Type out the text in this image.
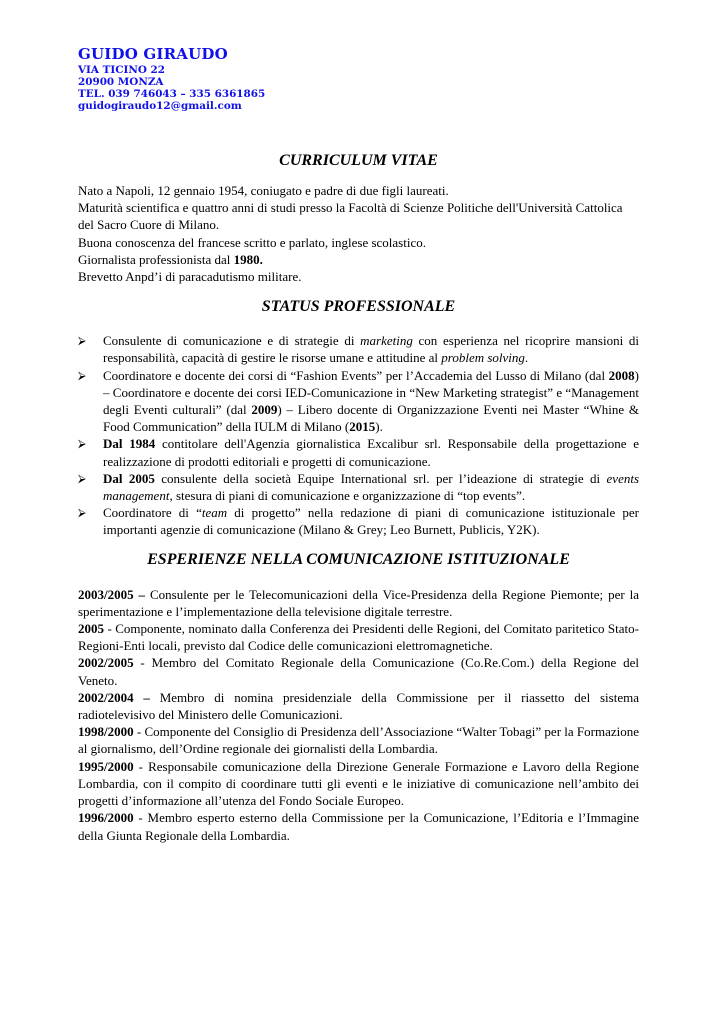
GUIDO GIRAUDO

VIA TICINO 22

20900 MONZA

TEL. 039 746043 – 335 6361865

guidogiraudo12@gmail.com

CURRICULUM VITAE

Nato a Napoli, 12 gennaio 1954, coniugato e padre di due figli laureati.

Maturità scientifica e quattro anni di studi presso la Facoltà di Scienze Politiche dell'Università Cattolica del Sacro Cuore di Milano.

Buona conoscenza del francese scritto e parlato, inglese scolastico.

Giornalista professionista dal 1980.

Brevetto Anpd’i di paracadutismo militare.

STATUS PROFESSIONALE
⮚ Consulente di comunicazione e di strategie di marketing con esperienza nel ricoprire mansioni di responsabilità, capacità di gestire le risorse umane e attitudine al problem solving.
⮚ Coordinatore e docente dei corsi di “Fashion Events” per l’Accademia del Lusso di Milano (dal 2008) – Coordinatore e docente dei corsi IED-Comunicazione in “New Marketing strategist” e “Management degli Eventi culturali” (dal 2009) – Libero docente di Organizzazione Eventi nei Master “Whine & Food Communication” della IULM di Milano (2015).
⮚ Dal 1984 contitolare dell'Agenzia giornalistica Excalibur srl. Responsabile della progettazione e realizzazione di prodotti editoriali e progetti di comunicazione.
⮚ Dal 2005 consulente della società Equipe International srl. per l’ideazione di strategie di events management, stesura di piani di comunicazione e organizzazione di “top events”.
⮚ Coordinatore di “team di progetto” nella redazione di piani di comunicazione istituzionale per importanti agenzie di comunicazione (Milano & Grey; Leo Burnett, Publicis, Y2K).
ESPERIENZE NELLA COMUNICAZIONE ISTITUZIONALE

2003/2005 – Consulente per le Telecomunicazioni della Vice-Presidenza della Regione Piemonte; per la sperimentazione e l’implementazione della televisione digitale terrestre.

2005 - Componente, nominato dalla Conferenza dei Presidenti delle Regioni, del Comitato paritetico Stato-Regioni-Enti locali, previsto dal Codice delle comunicazioni elettromagnetiche.

2002/2005 - Membro del Comitato Regionale della Comunicazione (Co.Re.Com.) della Regione del Veneto.

2002/2004 – Membro di nomina presidenziale della Commissione per il riassetto del sistema radiotelevisivo del Ministero delle Comunicazioni.

1998/2000 - Componente del Consiglio di Presidenza dell’Associazione “Walter Tobagi” per la Formazione al giornalismo, dell’Ordine regionale dei giornalisti della Lombardia.

1995/2000 - Responsabile comunicazione della Direzione Generale Formazione e Lavoro della Regione Lombardia, con il compito di coordinare tutti gli eventi e le iniziative di comunicazione nell’ambito dei progetti d’informazione all’utenza del Fondo Sociale Europeo.

1996/2000 - Membro esperto esterno della Commissione per la Comunicazione, l’Editoria e l’Immagine della Giunta Regionale della Lombardia.
